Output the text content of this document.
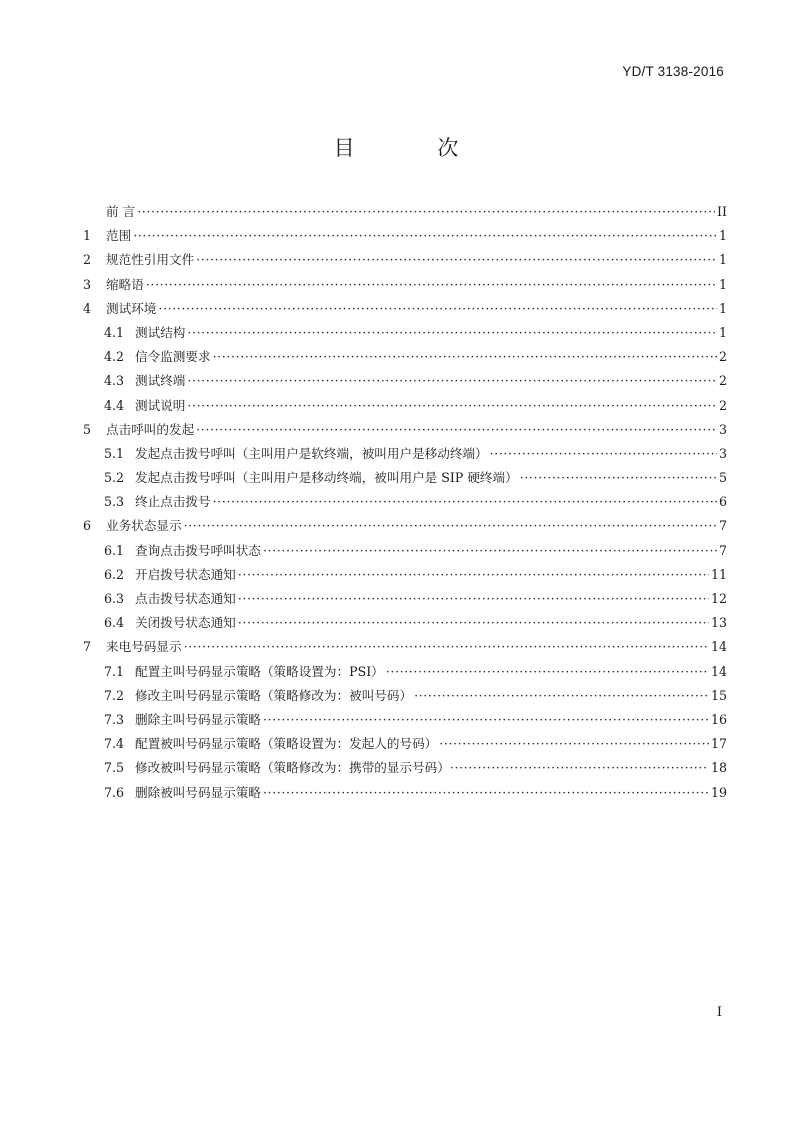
YD/T 3138-2016
目 次
前 言 ·····	II
1	范围 ·····	1
2	规范性引用文件 ·····	1
3	缩略语 ·····	1
4	测试环境 ·····	1
4.1 测试结构 ·····	1
4.2 信令监测要求 ·····	2
4.3 测试终端 ·····	2
4.4 测试说明 ·····	2
5	点击呼叫的发起 ·····	3
5.1 发起点击拨号呼叫（主叫用户是软终端，被叫用户是移动终端） ·····	3
5.2 发起点击拨号呼叫（主叫用户是移动终端，被叫用户是 SIP 硬终端） ·····	5
5.3 终止点击拨号 ·····	6
6	业务状态显示 ·····	7
6.1 查询点击拨号呼叫状态 ·····	7
6.2 开启拨号状态通知 ·····	11
6.3 点击拨号状态通知 ·····	12
6.4 关闭拨号状态通知 ·····	13
7	来电号码显示 ·····	14
7.1 配置主叫号码显示策略（策略设置为：PSI） ·····	14
7.2 修改主叫号码显示策略（策略修改为：被叫号码） ·····	15
7.3 删除主叫号码显示策略 ·····	16
7.4 配置被叫号码显示策略（策略设置为：发起人的号码） ·····	17
7.5 修改被叫号码显示策略（策略修改为：携带的显示号码） ·····	18
7.6 删除被叫号码显示策略 ·····	19
I
